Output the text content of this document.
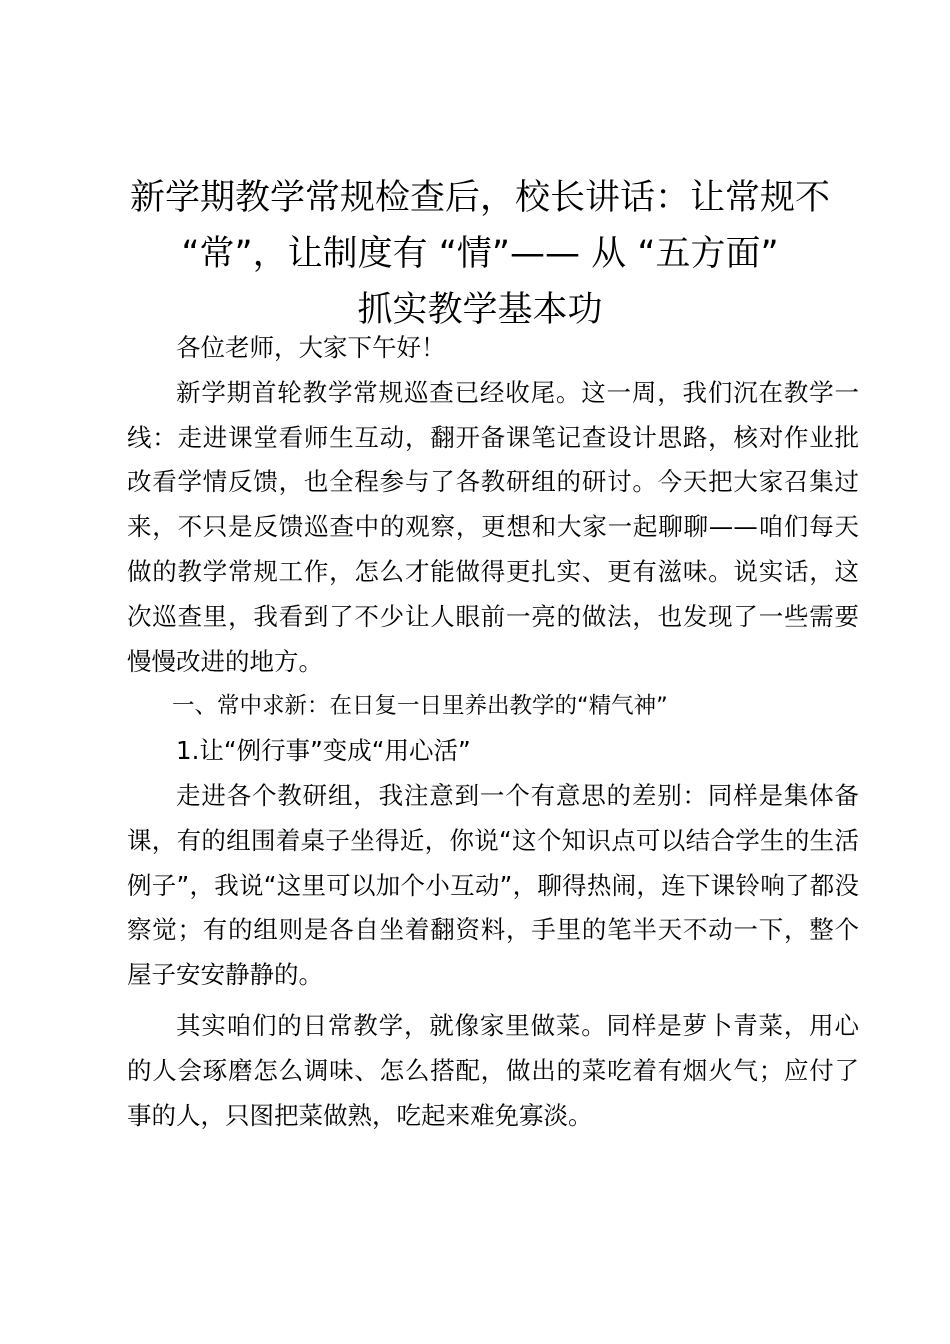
新学期教学常规检查后，校长讲话：让常规不
“常”，让制度有 “情”—— 从 “五方面”
抓实教学基本功

各位老师，大家下午好！

新学期首轮教学常规巡查已经收尾。这一周，我们沉在教学一线：走进课堂看师生互动，翻开备课笔记查设计思路，核对作业批改看学情反馈，也全程参与了各教研组的研讨。今天把大家召集过来，不只是反馈巡查中的观察，更想和大家一起聊聊——咱们每天做的教学常规工作，怎么才能做得更扎实、更有滋味。说实话，这次巡查里，我看到了不少让人眼前一亮的做法，也发现了一些需要慢慢改进的地方。

一、常中求新：在日复一日里养出教学的“精气神”

1.让“例行事”变成“用心活”

走进各个教研组，我注意到一个有意思的差别：同样是集体备课，有的组围着桌子坐得近，你说“这个知识点可以结合学生的生活例子”，我说“这里可以加个小互动”，聊得热闹，连下课铃响了都没察觉；有的组则是各自坐着翻资料，手里的笔半天不动一下，整个屋子安安静静的。

其实咱们的日常教学，就像家里做菜。同样是萝卜青菜，用心的人会琢磨怎么调味、怎么搭配，做出的菜吃着有烟火气；应付了事的人，只图把菜做熟，吃起来难免寡淡。
